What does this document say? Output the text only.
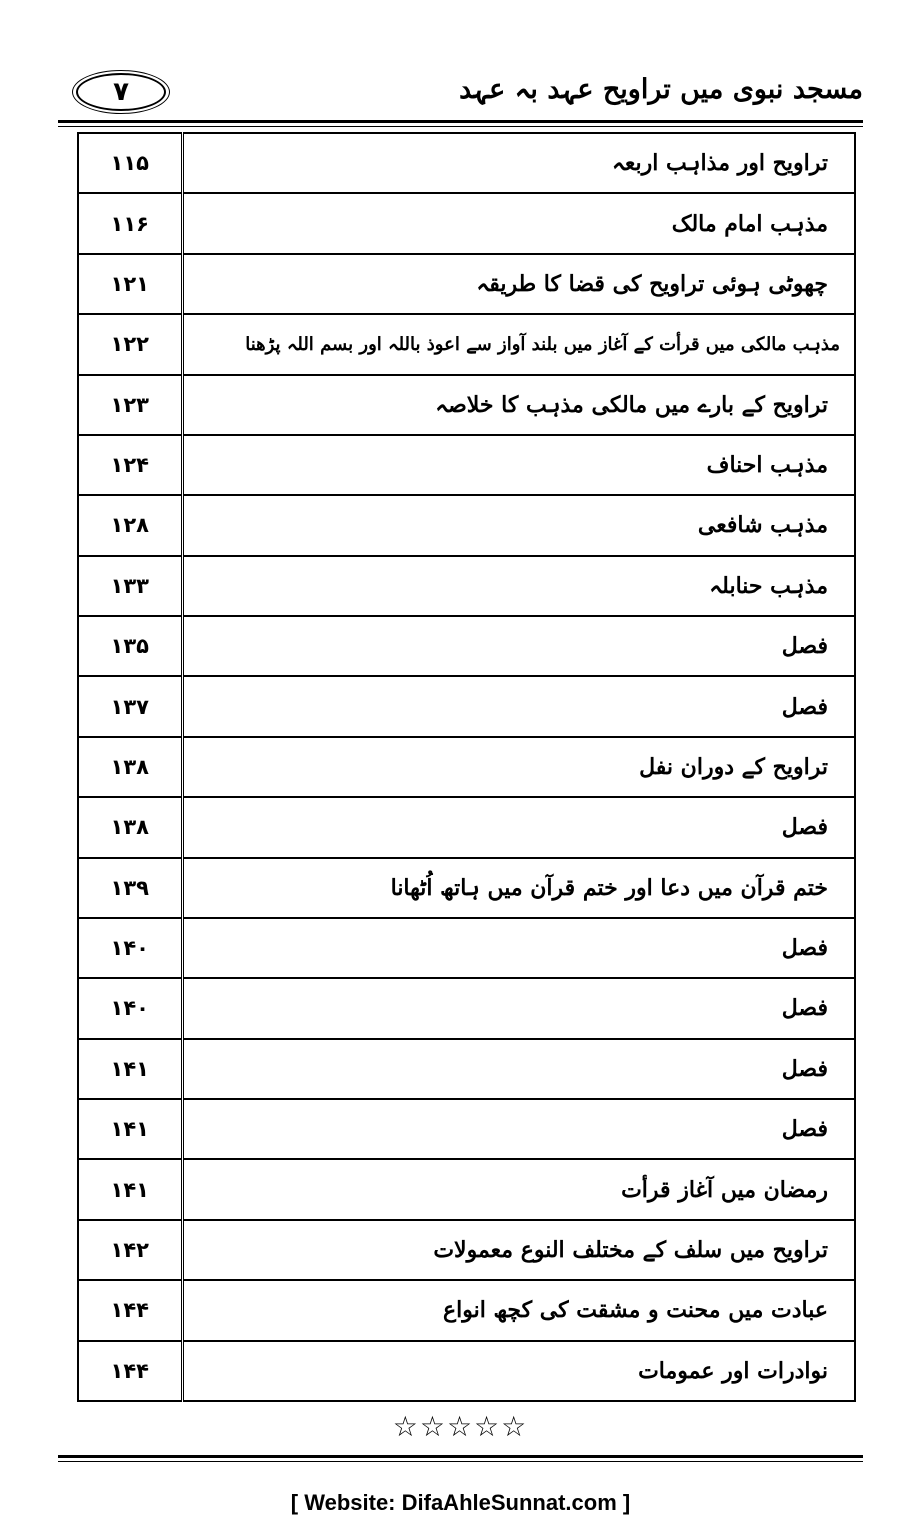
۷	مسجد نبوی میں تراویح عہد بہ عہد
۱۱۵	تراویح اور مذاہب اربعہ
۱۱۶	مذہب امام مالک
۱۲۱	چھوٹی ہوئی تراویح کی قضا کا طریقہ
۱۲۲	مذہب مالکی میں قرأت کے آغاز میں بلند آواز سے اعوذ باللہ اور بسم اللہ پڑھنا
۱۲۳	تراویح کے بارے میں مالکی مذہب کا خلاصہ
۱۲۴	مذہب احناف
۱۲۸	مذہب شافعی
۱۳۳	مذہب حنابلہ
۱۳۵	فصل
۱۳۷	فصل
۱۳۸	تراویح کے دوران نفل
۱۳۸	فصل
۱۳۹	ختم قرآن میں دعا اور ختم قرآن میں ہاتھ اُٹھانا
۱۴۰	فصل
۱۴۰	فصل
۱۴۱	فصل
۱۴۱	فصل
۱۴۱	رمضان میں آغاز قرأت
۱۴۲	تراویح میں سلف کے مختلف النوع معمولات
۱۴۴	عبادت میں محنت و مشقت کی کچھ انواع
۱۴۴	نوادرات اور عمومات
☆☆☆☆☆
[ Website: DifaAhleSunnat.com ]
